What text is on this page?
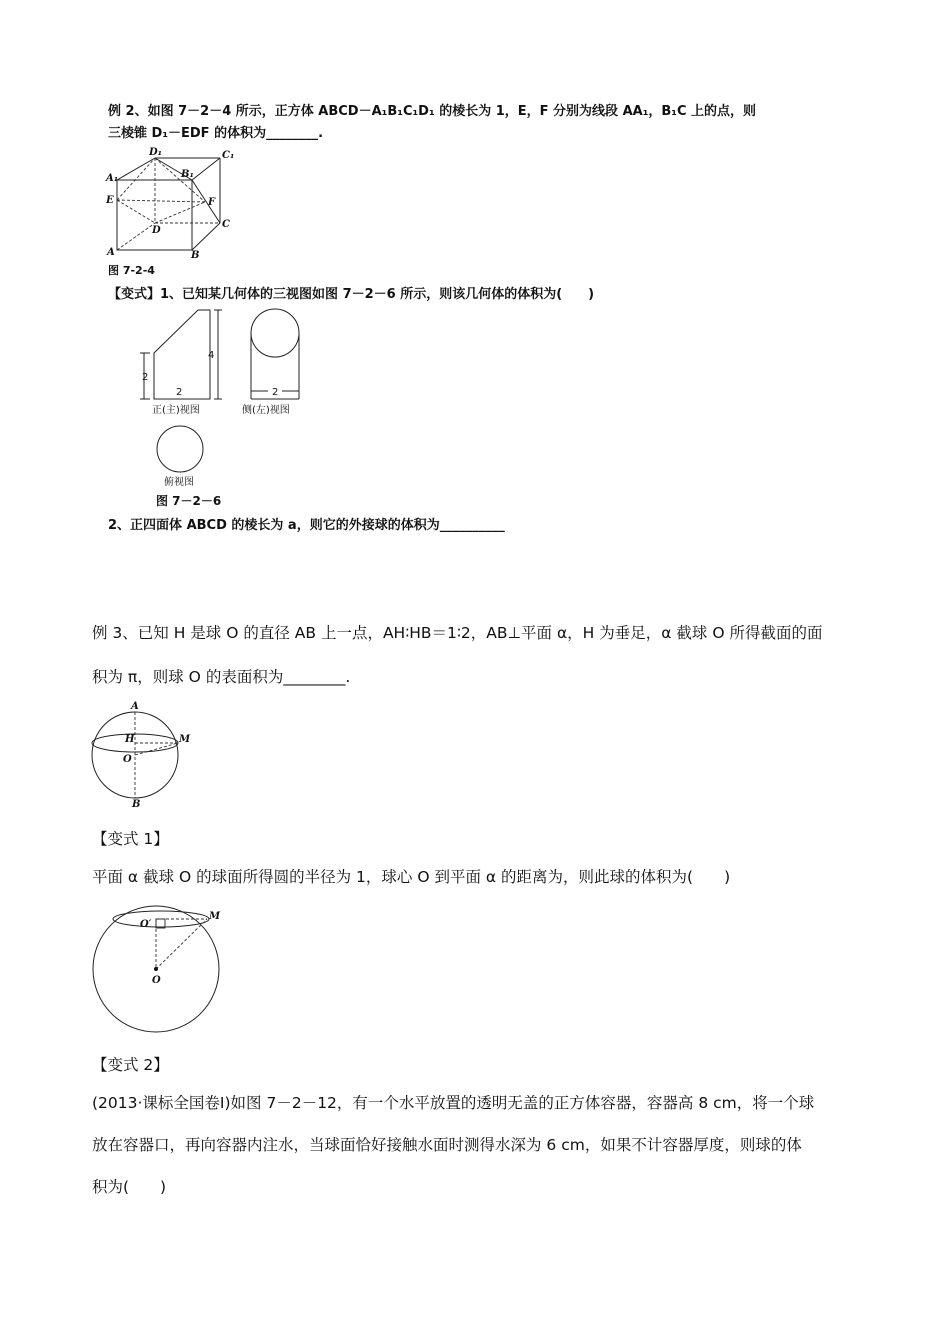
例 2、如图 7－2－4 所示，正方体 ABCD－A₁B₁C₁D₁ 的棱长为 1，E，F 分别为线段 AA₁，B₁C 上的点，则
三棱锥 D₁－EDF 的体积为________.
D₁	C₁
A₁	B₁
E	F
D
C
A	B
图 7-2-4
【变式】1、已知某几何体的三视图如图 7－2－6 所示，则该几何体的体积为(　　)
2
2
4
2
正(主)视图	侧(左)视图
俯视图
图 7－2－6
2、正四面体 ABCD 的棱长为 a，则它的外接球的体积为__________
例 3、已知 H 是球 O 的直径 AB 上一点，AH∶HB＝1∶2，AB⊥平面 α，H 为垂足，α 截球 O 所得截面的面
积为 π，则球 O 的表面积为________.
A
H	M
O
B
【变式 1】
平面 α 截球 O 的球面所得圆的半径为 1，球心 O 到平面 α 的距离为，则此球的体积为(　　)
O′
M
O
【变式 2】
(2013·课标全国卷Ⅰ)如图 7－2－12，有一个水平放置的透明无盖的正方体容器，容器高 8 cm，将一个球
放在容器口，再向容器内注水，当球面恰好接触水面时测得水深为 6 cm，如果不计容器厚度，则球的体
积为(　　)
